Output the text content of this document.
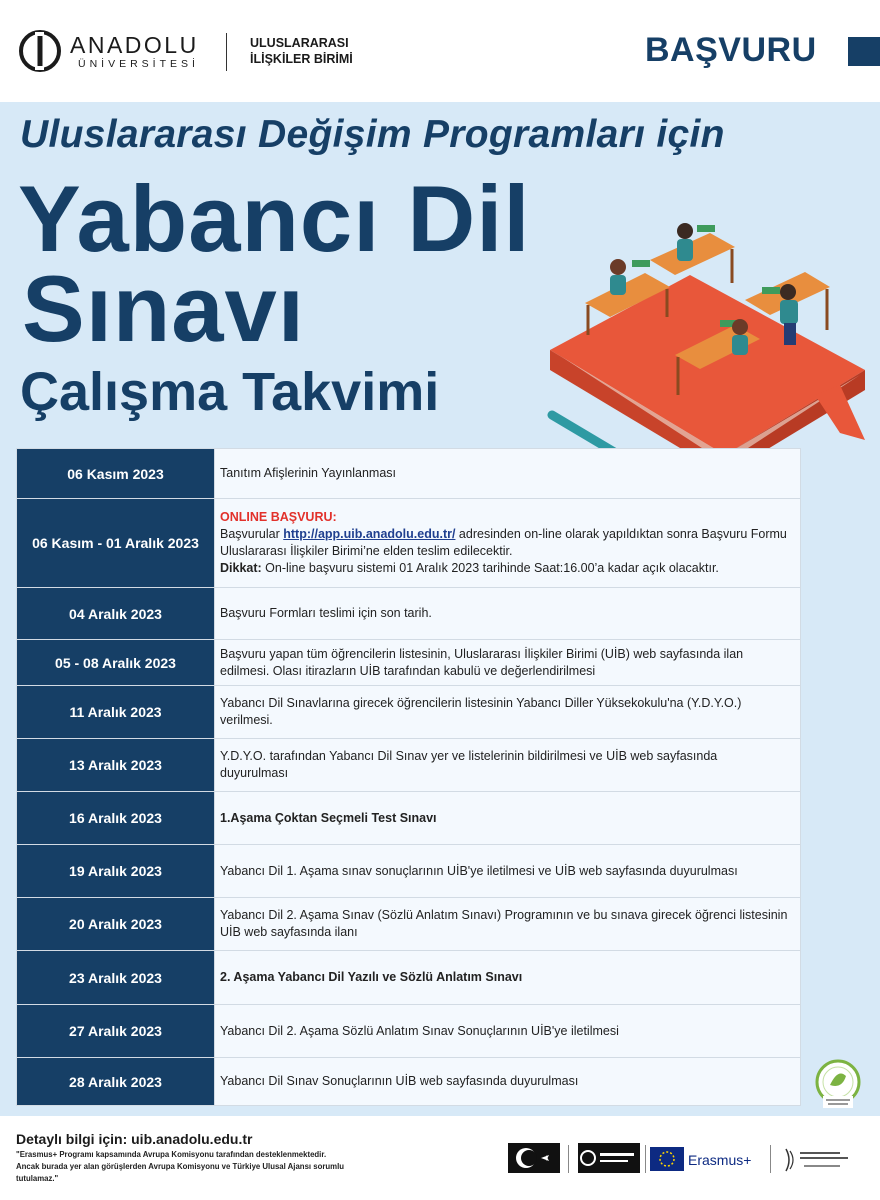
ANADOLU
ÜNİVERSİTESİ
ULUSLARARASI
İLİŞKİLER BİRİMİ	BAŞVURU
Uluslararası Değişim Programları için
Yabancı Dil
Sınavı
Çalışma Takvimi
06 Kasım 2023	Tanıtım Afişlerinin Yayınlanması
06 Kasım - 01 Aralık 2023	ONLINE BAŞVURU:
Başvurular http://app.uib.anadolu.edu.tr/ adresinden on-line olarak yapıldıktan sonra Başvuru Formu Uluslararası İlişkiler Birimi’ne elden teslim edilecektir.
Dikkat: On-line başvuru sistemi 01 Aralık 2023 tarihinde Saat:16.00’a kadar açık olacaktır.
04 Aralık 2023	Başvuru Formları teslimi için son tarih.
05 - 08 Aralık 2023	Başvuru yapan tüm öğrencilerin listesinin, Uluslararası İlişkiler Birimi (UİB) web sayfasında ilan edilmesi. Olası itirazların UİB tarafından kabulü ve değerlendirilmesi
11 Aralık 2023	Yabancı Dil Sınavlarına girecek öğrencilerin listesinin Yabancı Diller Yüksekokulu'na (Y.D.Y.O.) verilmesi.
13 Aralık 2023	Y.D.Y.O. tarafından Yabancı Dil Sınav yer ve listelerinin bildirilmesi ve UİB web sayfasında duyurulması
16 Aralık 2023	1.Aşama Çoktan Seçmeli Test Sınavı
19 Aralık 2023	Yabancı Dil 1. Aşama sınav sonuçlarının UİB'ye iletilmesi ve UİB web sayfasında duyurulması
20 Aralık 2023	Yabancı Dil 2. Aşama Sınav (Sözlü Anlatım Sınavı) Programının ve bu sınava girecek öğrenci listesinin UİB web sayfasında ilanı
23 Aralık 2023	2. Aşama Yabancı Dil Yazılı ve Sözlü Anlatım Sınavı
27 Aralık 2023	Yabancı Dil 2. Aşama Sözlü Anlatım Sınav Sonuçlarının UİB'ye iletilmesi
28 Aralık 2023	Yabancı Dil Sınav Sonuçlarının UİB web sayfasında duyurulması
Detaylı bilgi için: uib.anadolu.edu.tr
"Erasmus+ Programı kapsamında Avrupa Komisyonu tarafından desteklenmektedir. Ancak burada yer alan görüşlerden Avrupa Komisyonu ve Türkiye Ulusal Ajansı sorumlu tutulamaz."
Erasmus+
